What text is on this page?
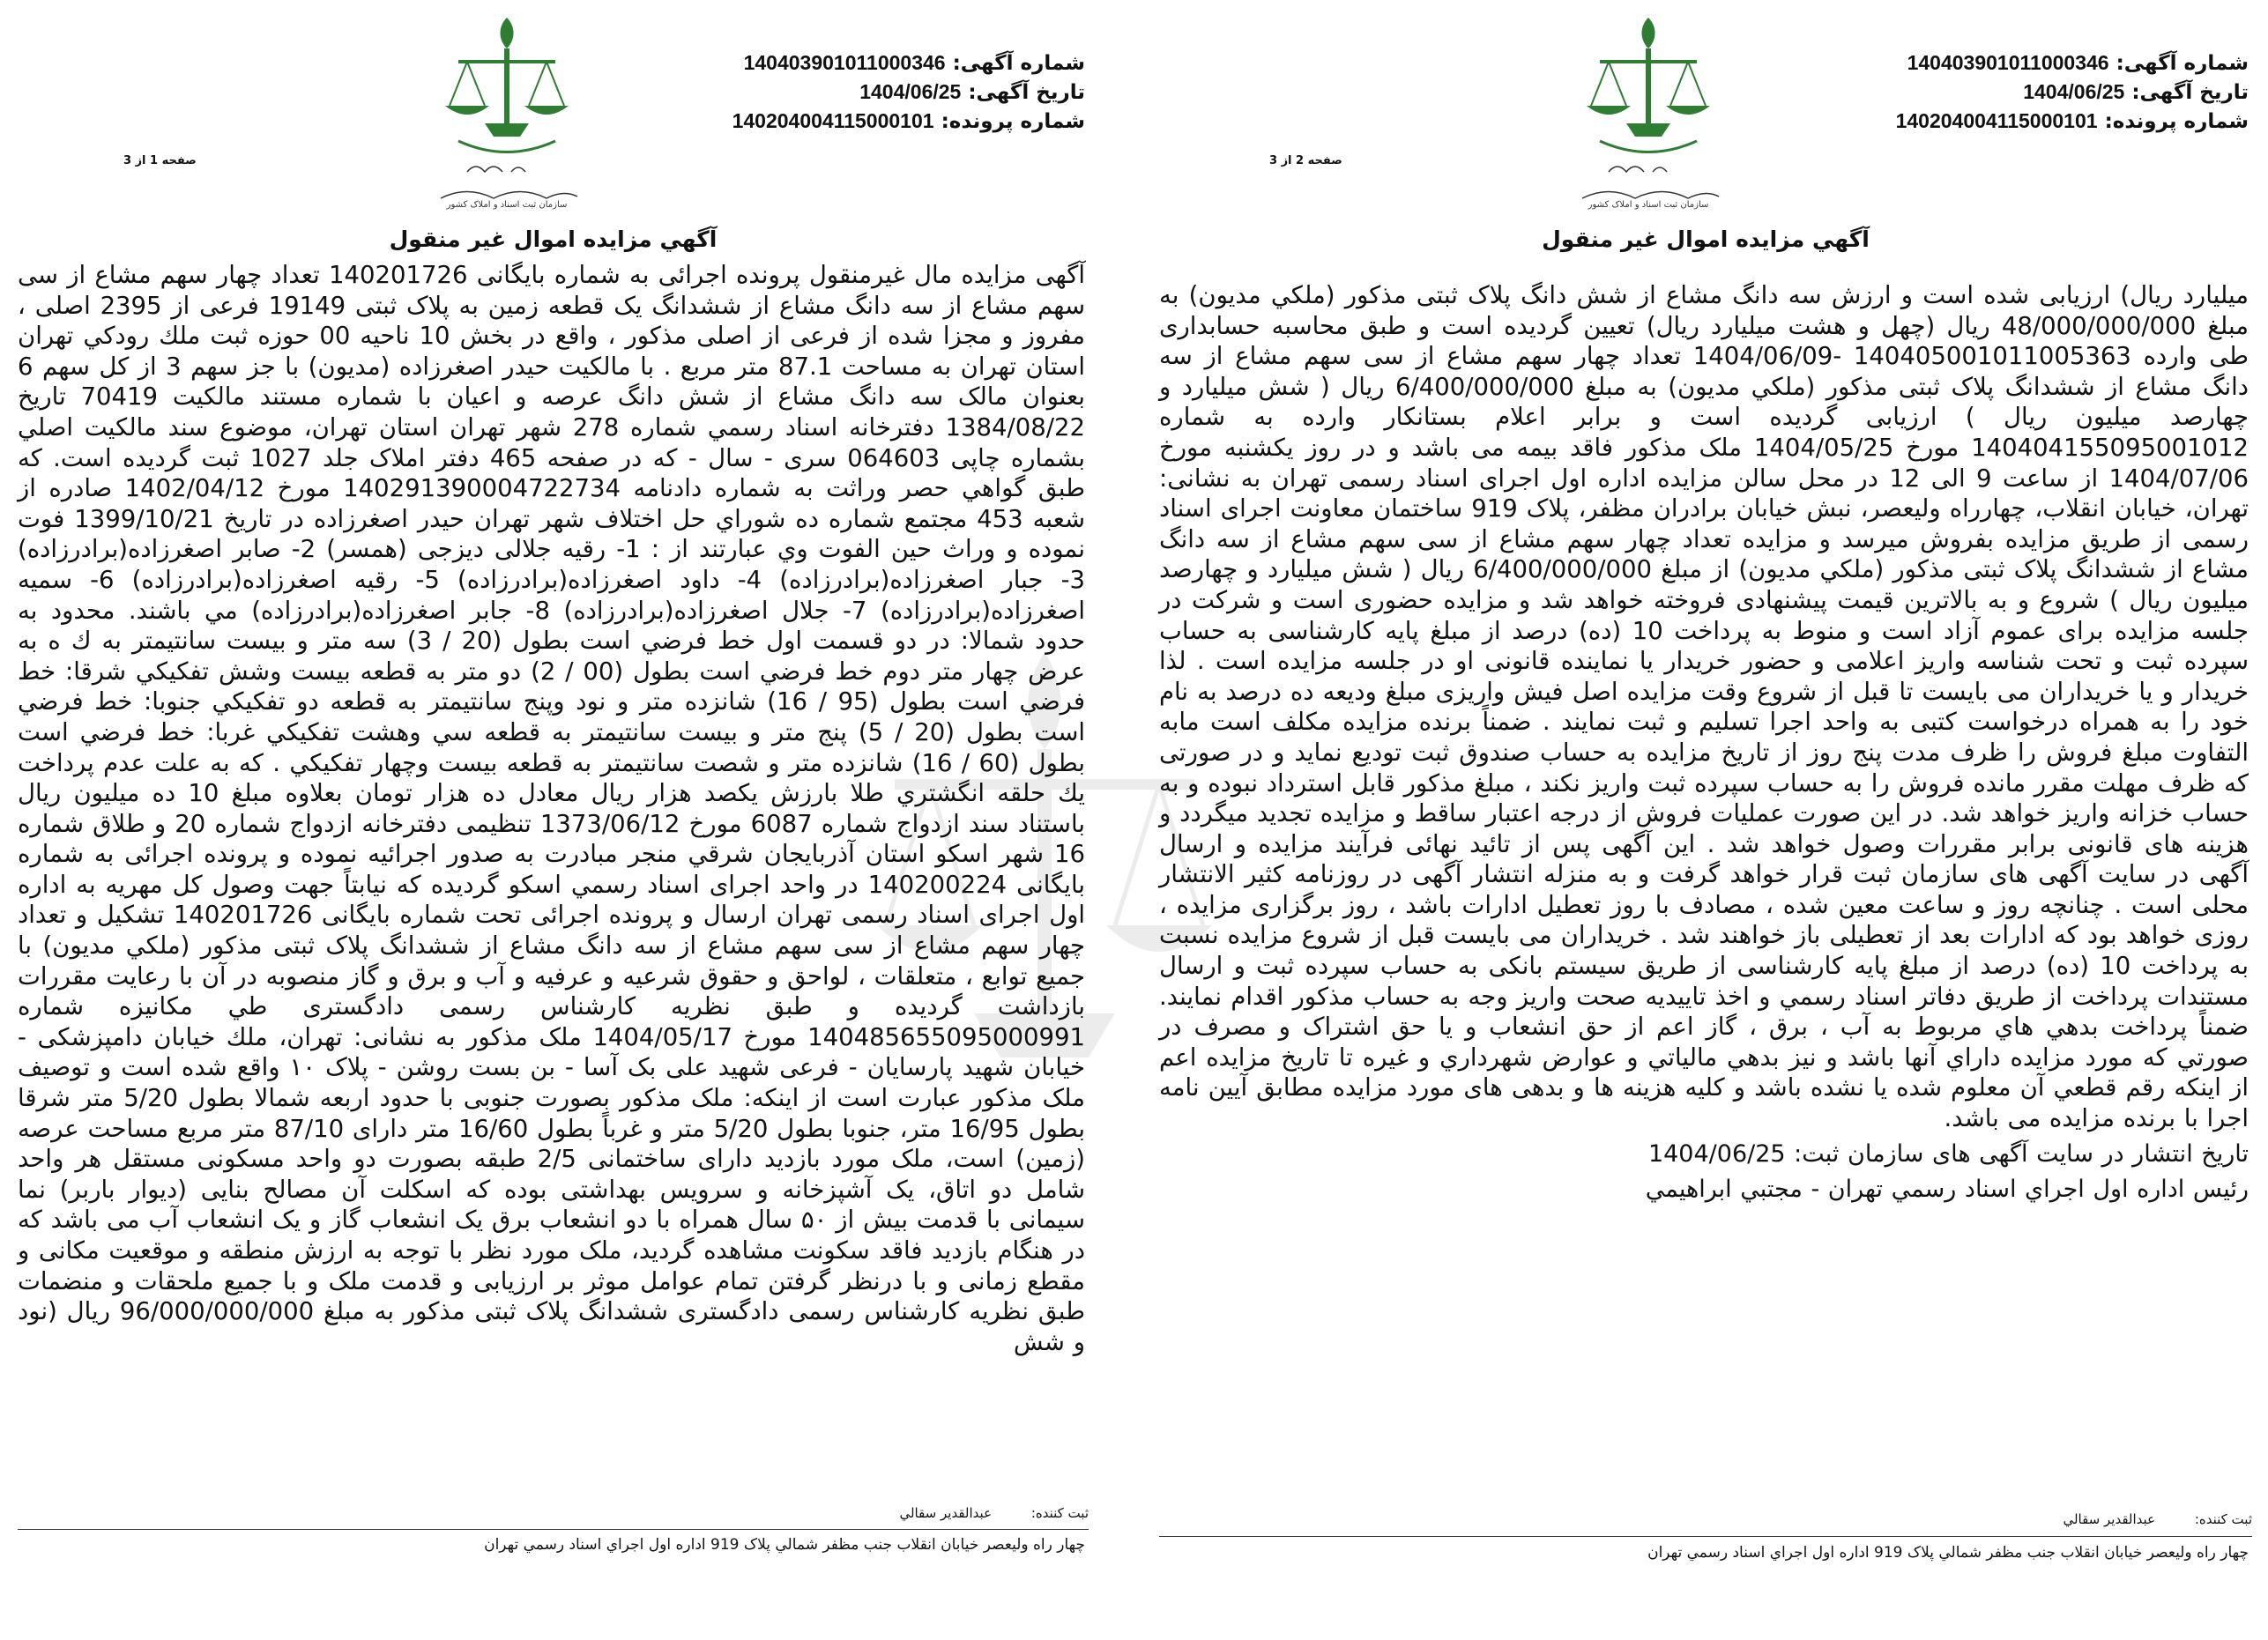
شماره آگهی:140403901011000346
تاریخ آگهی:1404/06/25
شماره پرونده:140204004115000101
سازمان ثبت اسناد و املاک کشور
صفحه 1 از 3
آگهي مزايده اموال غير منقول
آگهی مزایده مال غیرمنقول پرونده اجرائی به شماره بایگانی 140201726 تعداد چهار سهم مشاع از سی سهم مشاع از سه دانگ مشاع از ششدانگ یک قطعه زمین به پلاک ثبتی 19149 فرعی از 2395 اصلی ، مفروز و مجزا شده از فرعی از اصلی مذکور ، واقع در بخش 10 ناحیه 00 حوزه ثبت ملك رودكي تهران استان تهران به مساحت 87.1 متر مربع . با مالکیت حیدر اصغرزاده (مدیون) با جز سهم 3 از کل سهم 6 بعنوان مالک سه دانگ مشاع از شش دانگ عرصه و اعیان با شماره مستند مالکیت 70419 تاریخ 1384/08/22 دفترخانه اسناد رسمي شماره 278 شهر تهران استان تهران، موضوع سند مالكيت اصلي بشماره چاپی 064603 سری - سال - که در صفحه 465 دفتر املاک جلد 1027 ثبت گردیده است. که طبق گواهي حصر وراثت به شماره دادنامه 140291390004722734 مورخ 1402/04/12 صادره از شعبه 453 مجتمع شماره ده شوراي حل اختلاف شهر تهران حيدر اصغرزاده در تاريخ 1399/10/21 فوت نموده و وراث حين الفوت وي عبارتند از : 1- رقيه جلالی ديزجی (همسر) 2- صابر اصغرزاده(برادرزاده) 3- جبار اصغرزاده(برادرزاده) 4- داود اصغرزاده(برادرزاده) 5- رقيه اصغرزاده(برادرزاده) 6- سميه اصغرزاده(برادرزاده) 7- جلال اصغرزاده(برادرزاده) 8- جابر اصغرزاده(برادرزاده) مي باشند. محدود به حدود شمالا: در دو قسمت اول خط فرضي است بطول (20 / 3) سه متر و بيست سانتيمتر به ك ه به عرض چهار متر دوم خط فرضي است بطول (00 / 2) دو متر به قطعه بيست وشش تفكيكي شرقا: خط فرضي است بطول (95 / 16) شانزده متر و نود وپنج سانتيمتر به قطعه دو تفكيكي جنوبا: خط فرضي است بطول (20 / 5) پنج متر و بيست سانتيمتر به قطعه سي وهشت تفكيكي غربا: خط فرضي است بطول (60 / 16) شانزده متر و شصت سانتيمتر به قطعه بيست وچهار تفكيكي . كه به علت عدم پرداخت يك حلقه انگشتري طلا بارزش يكصد هزار ريال معادل ده هزار تومان بعلاوه مبلغ 10 ده ميليون ريال باستناد سند ازدواج شماره 6087 مورخ 1373/06/12 تنظيمی دفترخانه ازدواج شماره 20 و طلاق شماره 16 شهر اسكو استان آذربايجان شرقي منجر مبادرت به صدور اجرائيه نموده و پرونده اجرائی به شماره بايگانی 140200224 در واحد اجرای اسناد رسمي اسكو گرديده كه نيابتاً جهت وصول كل مهريه به اداره اول اجرای اسناد رسمی تهران ارسال و پرونده اجرائی تحت شماره بایگانی 140201726 تشكيل و تعداد چهار سهم مشاع از سی سهم مشاع از سه دانگ مشاع از ششدانگ پلاک ثبتی مذکور (ملكي مديون) با جمیع توابع ، متعلقات ، لواحق و حقوق شرعیه و عرفیه و آب و برق و گاز منصوبه در آن با رعایت مقررات بازداشت گرديده و طبق نظريه كارشناس رسمی دادگستری طي مكانيزه شماره 140485655095000991 مورخ 1404/05/17 ملک مذکور به نشانی: تهران، ملك خيابان دامپزشكی - خیابان شهید پارسایان - فرعی شهید علی بک آسا - بن بست روشن - پلاک ۱۰ واقع شده است و توصیف ملک مذکور عبارت است از اینکه: ملک مذکور بصورت جنوبی با حدود اربعه شمالا بطول 5/20 متر شرقا بطول 16/95 متر، جنوبا بطول 5/20 متر و غرباً بطول 16/60 متر دارای 87/10 متر مربع مساحت عرصه (زمین) است، ملک مورد بازدید دارای ساختمانی 2/5 طبقه بصورت دو واحد مسکونی مستقل هر واحد شامل دو اتاق، یک آشپزخانه و سرویس بهداشتی بوده که اسکلت آن مصالح بنایی (دیوار باربر) نما سیمانی با قدمت بیش از ۵۰ سال همراه با دو انشعاب برق یک انشعاب گاز و یک انشعاب آب می باشد که در هنگام بازدید فاقد سکونت مشاهده گردید، ملک مورد نظر با توجه به ارزش منطقه و موقعیت مکانی و مقطع زمانی و با درنظر گرفتن تمام عوامل موثر بر ارزیابی و قدمت ملک و با جمیع ملحقات و منضمات طبق نظریه کارشناس رسمی دادگستری ششدانگ پلاک ثبتی مذکور به مبلغ 96/000/000/000 ریال (نود و شش
ثبت کننده: عبدالقدير سقالي
چهار راه وليعصر خيابان انقلاب جنب مظفر شمالي پلاک 919 اداره اول اجراي اسناد رسمي تهران
شماره آگهی:140403901011000346
تاریخ آگهی:1404/06/25
شماره پرونده:140204004115000101
سازمان ثبت اسناد و املاک کشور
صفحه 2 از 3
آگهي مزايده اموال غير منقول
میلیارد ریال) ارزیابی شده است و ارزش سه دانگ مشاع از شش دانگ پلاک ثبتی مذکور (ملكي مديون) به مبلغ 48/000/000/000 ریال (چهل و هشت میلیارد ریال) تعیین گردیده است و طبق محاسبه حسابداری طی وارده 140405001011005363 -1404/06/09 تعداد چهار سهم مشاع از سی سهم مشاع از سه دانگ مشاع از ششدانگ پلاک ثبتی مذکور (ملكي مديون) به مبلغ 6/400/000/000 ریال ( شش میلیارد و چهارصد میلیون ریال ) ارزیابی گردیده است و برابر اعلام بستانکار وارده به شماره 140404155095001012 مورخ 1404/05/25 ملک مذکور فاقد بیمه می باشد و در روز یکشنبه مورخ 1404/07/06 از ساعت 9 الی 12 در محل سالن مزایده اداره اول اجرای اسناد رسمی تهران به نشانی: تهران، خیابان انقلاب، چهارراه ولیعصر، نبش خیابان برادران مظفر، پلاک 919 ساختمان معاونت اجرای اسناد رسمی از طریق مزایده بفروش میرسد و مزایده تعداد چهار سهم مشاع از سی سهم مشاع از سه دانگ مشاع از ششدانگ پلاک ثبتی مذکور (ملكي مديون) از مبلغ 6/400/000/000 ریال ( شش میلیارد و چهارصد میلیون ریال ) شروع و به بالاترین قیمت پیشنهادی فروخته خواهد شد و مزایده حضوری است و شرکت در جلسه مزایده برای عموم آزاد است و منوط به پرداخت 10 (ده) درصد از مبلغ پایه کارشناسی به حساب سپرده ثبت و تحت شناسه واریز اعلامی و حضور خریدار یا نماینده قانونی او در جلسه مزایده است . لذا خریدار و یا خریداران می بایست تا قبل از شروع وقت مزایده اصل فیش واریزی مبلغ ودیعه ده درصد به نام خود را به همراه درخواست کتبی به واحد اجرا تسلیم و ثبت نمایند . ضمناً برنده مزایده مکلف است مابه التفاوت مبلغ فروش را ظرف مدت پنج روز از تاریخ مزایده به حساب صندوق ثبت تودیع نماید و در صورتی که ظرف مهلت مقرر مانده فروش را به حساب سپرده ثبت واریز نکند ، مبلغ مذکور قابل استرداد نبوده و به حساب خزانه واریز خواهد شد. در این صورت عملیات فروش از درجه اعتبار ساقط و مزایده تجدید میگردد و هزینه های قانونی برابر مقررات وصول خواهد شد . این آگهی پس از تائید نهائی فرآیند مزایده و ارسال آگهی در سایت آگهی های سازمان ثبت قرار خواهد گرفت و به منزله انتشار آگهی در روزنامه کثیر الانتشار محلی است . چنانچه روز و ساعت معین شده ، مصادف با روز تعطیل ادارات باشد ، روز برگزاری مزایده ، روزی خواهد بود که ادارات بعد از تعطیلی باز خواهند شد . خریداران می بایست قبل از شروع مزایده نسبت به پرداخت 10 (ده) درصد از مبلغ پایه کارشناسی از طریق سیستم بانکی به حساب سپرده ثبت و ارسال مستندات پرداخت از طریق دفاتر اسناد رسمي و اخذ تاييديه صحت واريز وجه به حساب مذكور اقدام نمايند. ضمناً پرداخت بدهي هاي مربوط به آب ، برق ، گاز اعم از حق انشعاب و يا حق اشتراک و مصرف در صورتي كه مورد مزايده داراي آنها باشد و نيز بدهي مالياتي و عوارض شهرداري و غيره تا تاريخ مزايده اعم از اينكه رقم قطعي آن معلوم شده يا نشده باشد و كليه هزينه ها و بدهی های مورد مزايده مطابق آيين نامه اجرا با برنده مزايده می باشد.
تاریخ انتشار در سایت آگهی های سازمان ثبت: 1404/06/25
رئيس اداره اول اجراي اسناد رسمي تهران - مجتبي ابراهيمي
ثبت کننده: عبدالقدير سقالي
چهار راه وليعصر خيابان انقلاب جنب مظفر شمالي پلاک 919 اداره اول اجراي اسناد رسمي تهران
